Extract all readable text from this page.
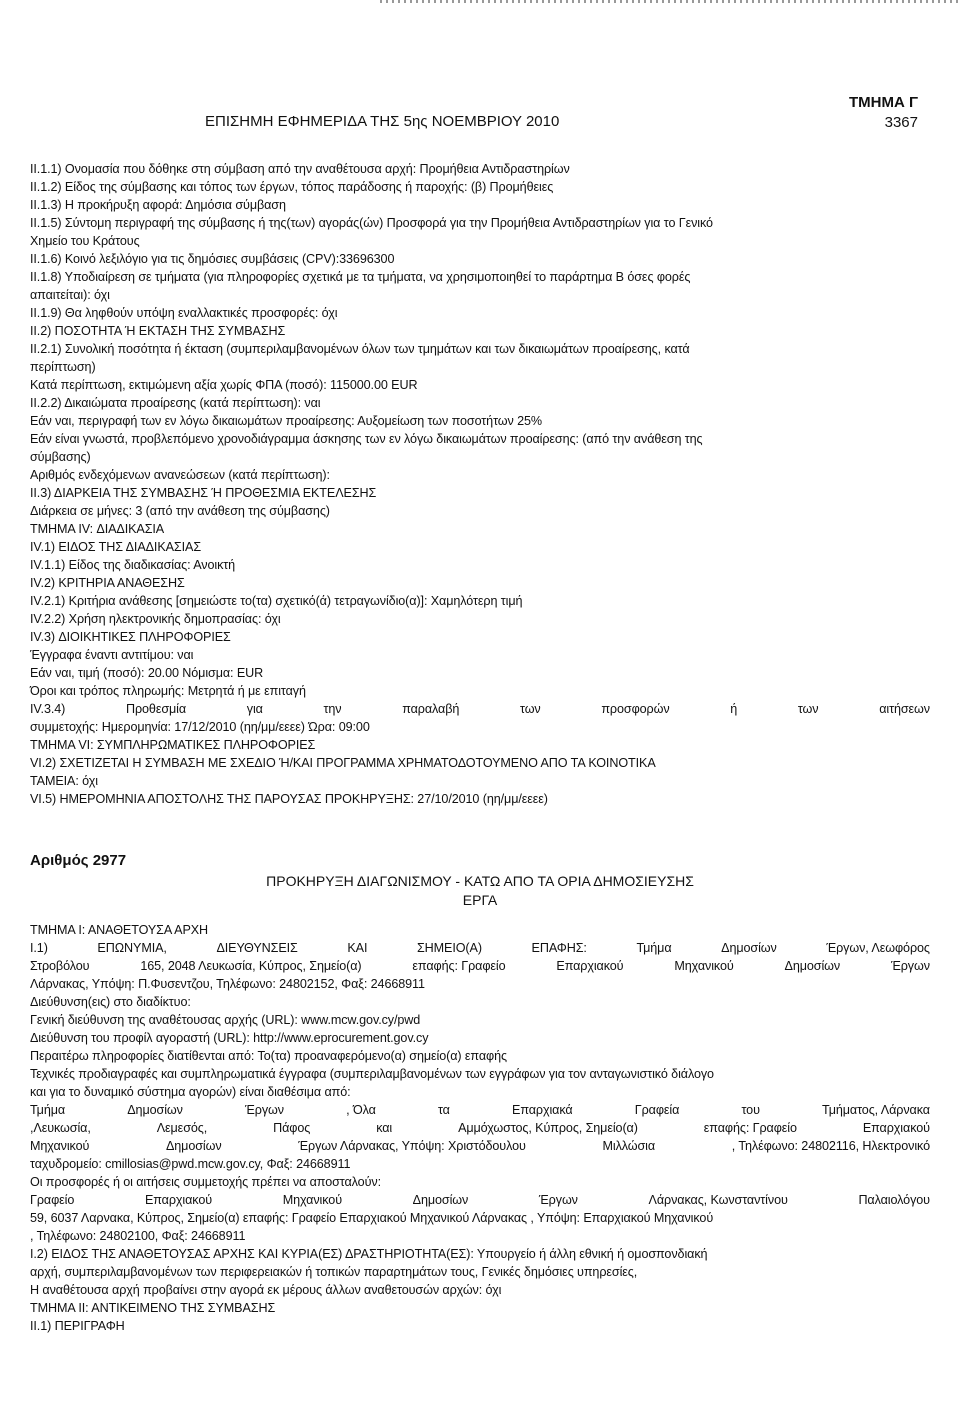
ΕΠΙΣΗΜΗ ΕΦΗΜΕΡΙΔΑ ΤΗΣ 5ης ΝΟΕΜΒΡΙΟΥ 2010
ΤΜΗΜΑ Γ
3367
ΙΙ.1.1) Ονομασία που δόθηκε στη σύμβαση από την αναθέτουσα αρχή: Προμήθεια Αντιδραστηρίων
ΙΙ.1.2) Είδος της σύμβασης και τόπος των έργων, τόπος παράδοσης ή παροχής: (β) Προμήθειες
ΙΙ.1.3) Η προκήρυξη αφορά: Δημόσια σύμβαση
ΙΙ.1.5) Σύντομη περιγραφή της σύμβασης ή της(των) αγοράς(ών) Προσφορά για την Προμήθεια Αντιδραστηρίων για το Γενικό
Χημείο του Κράτους
ΙΙ.1.6) Κοινό λεξιλόγιο για τις δημόσιες συμβάσεις (CPV):33696300
ΙΙ.1.8) Υποδιαίρεση σε τμήματα (για πληροφορίες σχετικά με τα τμήματα, να χρησιμοποιηθεί το παράρτημα Β όσες φορές
απαιτείται): όχι
ΙΙ.1.9) Θα ληφθούν υπόψη εναλλακτικές προσφορές: όχι
ΙΙ.2) ΠΟΣΟΤΗΤΑ Ή ΕΚΤΑΣΗ ΤΗΣ ΣΥΜΒΑΣΗΣ
ΙΙ.2.1) Συνολική ποσότητα ή έκταση (συμπεριλαμβανομένων όλων των τμημάτων και των δικαιωμάτων προαίρεσης, κατά
περίπτωση)
Κατά περίπτωση, εκτιμώμενη αξία χωρίς ΦΠΑ (ποσό): 115000.00 EUR
ΙΙ.2.2) Δικαιώματα προαίρεσης (κατά περίπτωση): ναι
Εάν ναι, περιγραφή των εν λόγω δικαιωμάτων προαίρεσης: Αυξομείωση των ποσοτήτων 25%
Εάν είναι γνωστά, προβλεπόμενο χρονοδιάγραμμα άσκησης των εν λόγω δικαιωμάτων προαίρεσης: (από την ανάθεση της
σύμβασης)
Αριθμός ενδεχόμενων ανανεώσεων (κατά περίπτωση):
ΙΙ.3) ΔΙΑΡΚΕΙΑ ΤΗΣ ΣΥΜΒΑΣΗΣ Ή ΠΡΟΘΕΣΜΙΑ ΕΚΤΕΛΕΣΗΣ
Διάρκεια σε μήνες: 3 (από την ανάθεση της σύμβασης)
ΤΜΗΜΑ IV: ΔΙΑΔΙΚΑΣΙΑ
IV.1) ΕΙΔΟΣ ΤΗΣ ΔΙΑΔΙΚΑΣΙΑΣ
IV.1.1) Είδος της διαδικασίας: Ανοικτή
IV.2) ΚΡΙΤΗΡΙΑ ΑΝΑΘΕΣΗΣ
IV.2.1) Κριτήρια ανάθεσης [σημειώστε το(τα) σχετικό(ά) τετραγωνίδιο(α)]: Χαμηλότερη τιμή
IV.2.2) Χρήση ηλεκτρονικής δημοπρασίας: όχι
IV.3) ΔΙΟΙΚΗΤΙΚΕΣ ΠΛΗΡΟΦΟΡΙΕΣ
Έγγραφα έναντι αντιτίμου: ναι
Εάν ναι, τιμή (ποσό): 20.00 Νόμισμα: EUR
Όροι και τρόπος πληρωμής: Μετρητά ή με επιταγή
IV.3.4)	Προθεσμία	για	την	παραλαβή	των	προσφορών	ή	των	αιτήσεων
συμμετοχής: Ημερομηνία: 17/12/2010 (ηη/μμ/εεεε) Ώρα: 09:00
ΤΜΗΜΑ VI: ΣΥΜΠΛΗΡΩΜΑΤΙΚΕΣ ΠΛΗΡΟΦΟΡΙΕΣ
VI.2) ΣΧΕΤΙΖΕΤΑΙ Η ΣΥΜΒΑΣΗ ΜΕ ΣΧΕΔΙΟ Ή/ΚΑΙ ΠΡΟΓΡΑΜΜΑ ΧΡΗΜΑΤΟΔΟΤΟΥΜΕΝΟ ΑΠΟ ΤΑ ΚΟΙΝΟΤΙΚΑ
ΤΑΜΕΙΑ: όχι
VI.5) ΗΜΕΡΟΜΗΝΙΑ ΑΠΟΣΤΟΛΗΣ ΤΗΣ ΠΑΡΟΥΣΑΣ ΠΡΟΚΗΡΥΞΗΣ: 27/10/2010 (ηη/μμ/εεεε)
Αριθμός 2977
ΠΡΟΚΗΡΥΞΗ ΔΙΑΓΩΝΙΣΜΟΥ - ΚΑΤΩ ΑΠΟ ΤΑ ΟΡΙΑ ΔΗΜΟΣΙΕΥΣΗΣ
ΕΡΓΑ
ΤΜΗΜΑ Ι: ΑΝΑΘΕΤΟΥΣΑ ΑΡΧΗ
Ι.1)	ΕΠΩΝΥΜΙΑ,	ΔΙΕΥΘΥΝΣΕΙΣ	ΚΑΙ	ΣΗΜΕΙΟ(Α)	ΕΠΑΦΗΣ:	Τμήμα	Δημοσίων	Έργων, Λεωφόρος
Στροβόλου	165, 2048 Λευκωσία, Κύπρος, Σημείο(α)	επαφής: Γραφείο	Επαρχιακού	Μηχανικού	Δημοσίων	Έργων
Λάρνακας, Υπόψη: Π.Φυσεντζου, Τηλέφωνο: 24802152, Φαξ: 24668911
Διεύθυνση(εις) στο διαδίκτυο:
Γενική διεύθυνση της αναθέτουσας αρχής (URL): www.mcw.gov.cy/pwd
Διεύθυνση του προφίλ αγοραστή (URL): http://www.eprocurement.gov.cy
Περαιτέρω πληροφορίες διατίθενται από: Το(τα) προαναφερόμενο(α) σημείο(α) επαφής
Τεχνικές προδιαγραφές και συμπληρωματικά έγγραφα (συμπεριλαμβανομένων των εγγράφων για τον ανταγωνιστικό διάλογο
και για το δυναμικό σύστημα αγορών) είναι διαθέσιμα από:
Τμήμα	Δημοσίων	Έργων	, Όλα	τα	Επαρχιακά	Γραφεία	του	Τμήματος, Λάρνακα
,Λευκωσία,	Λεμεσός,	Πάφος	και	Αμμόχωστος, Κύπρος, Σημείο(α)	επαφής: Γραφείο	Επαρχιακού
Μηχανικού	Δημοσίων	Έργων Λάρνακας, Υπόψη: Χριστόδουλου	Μιλλώσια	, Τηλέφωνο: 24802116, Ηλεκτρονικό
ταχυδρομείο: cmillosias@pwd.mcw.gov.cy, Φαξ: 24668911
Οι προσφορές ή οι αιτήσεις συμμετοχής πρέπει να αποσταλούν:
Γραφείο	Επαρχιακού	Μηχανικού	Δημοσίων	Έργων	Λάρνακας, Κωνσταντίνου	Παλαιολόγου
59, 6037 Λαρνακα, Κύπρος, Σημείο(α) επαφής: Γραφείο Επαρχιακού Μηχανικού Λάρνακας , Υπόψη: Επαρχιακού Μηχανικού
, Τηλέφωνο: 24802100, Φαξ: 24668911
Ι.2) ΕΙΔΟΣ ΤΗΣ ΑΝΑΘΕΤΟΥΣΑΣ ΑΡΧΗΣ ΚΑΙ ΚΥΡΙΑ(ΕΣ) ΔΡΑΣΤΗΡΙΟΤΗΤΑ(ΕΣ): Υπουργείο ή άλλη εθνική ή ομοσπονδιακή
αρχή, συμπεριλαμβανομένων των περιφερειακών ή τοπικών παραρτημάτων τους, Γενικές δημόσιες υπηρεσίες,
Η αναθέτουσα αρχή προβαίνει στην αγορά εκ μέρους άλλων αναθετουσών αρχών: όχι
ΤΜΗΜΑ ΙΙ: ΑΝΤΙΚΕΙΜΕΝΟ ΤΗΣ ΣΥΜΒΑΣΗΣ
ΙΙ.1) ΠΕΡΙΓΡΑΦΗ
